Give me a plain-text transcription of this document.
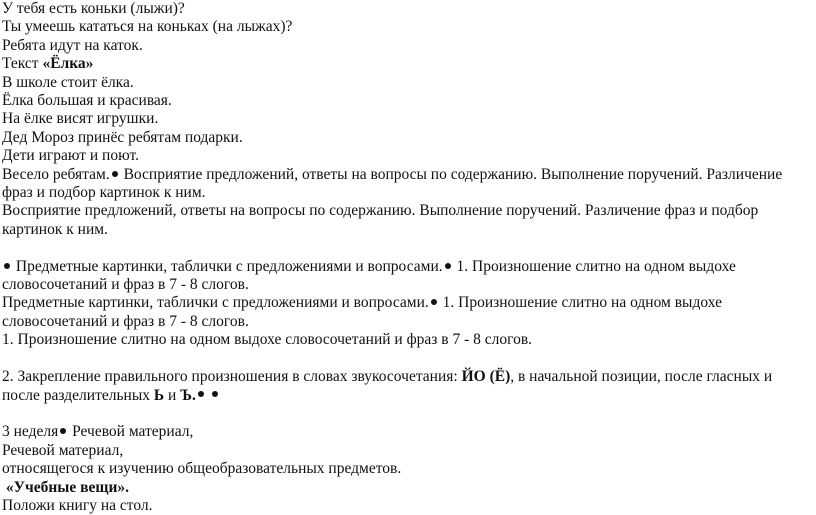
У тебя есть коньки (лыжи)?

Ты умеешь кататься на коньках (на лыжах)?

Ребята идут на каток.

Текст «Ёлка»

В школе стоит ёлка.

Ёлка большая и красивая.

На ёлке висят игрушки.

Дед Мороз принёс ребятам подарки.

Дети играют и поют.

Весело ребятам. Восприятие предложений, ответы на вопросы по содержанию. Выполнение поручений. Различение

фраз и подбор картинок к ним.

Восприятие предложений, ответы на вопросы по содержанию. Выполнение поручений. Различение фраз и подбор

картинок к ним.

Предметные картинки, таблички с предложениями и вопросами. 1. Произношение слитно на одном выдохе

словосочетаний и фраз в 7 - 8 слогов.

Предметные картинки, таблички с предложениями и вопросами. 1. Произношение слитно на одном выдохе

словосочетаний и фраз в 7 - 8 слогов.

1. Произношение слитно на одном выдохе словосочетаний и фраз в 7 - 8 слогов.

2. Закрепление правильного произношения в словах звукосочетания: ЙО (Ё), в начальной позиции, после гласных и

после разделительных Ь и Ъ.

3 неделя Речевой материал,

Речевой материал,

относящегося к изучению общеобразовательных предметов.

«Учебные вещи».

Положи книгу на стол.
